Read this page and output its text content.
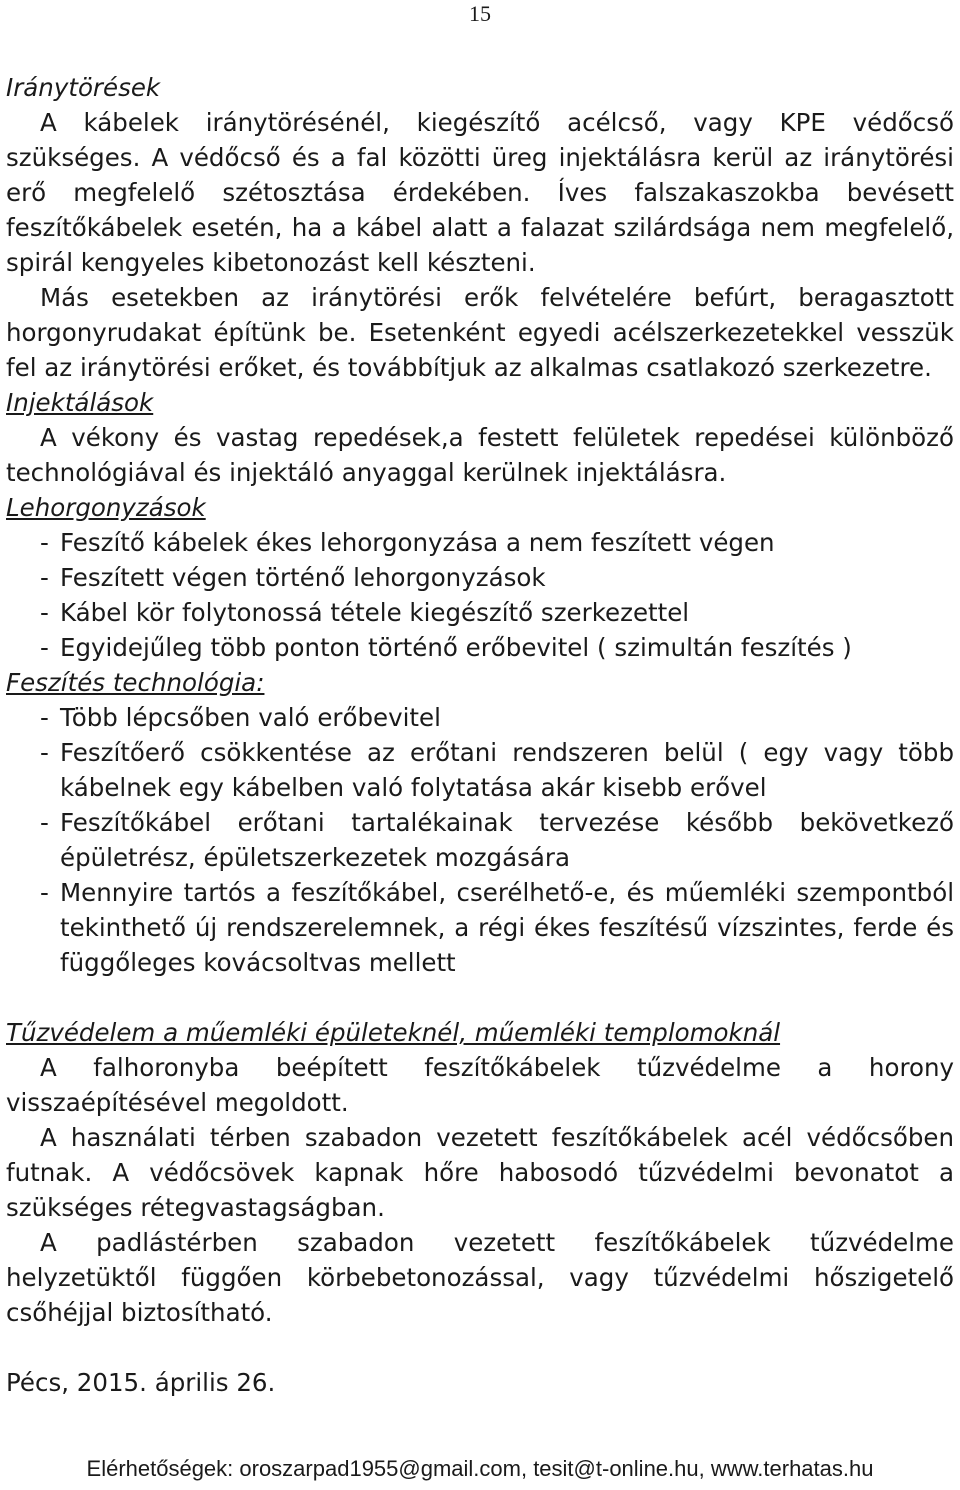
15

Iránytörések

A kábelek iránytörésénél, kiegészítő acélcső, vagy KPE védőcső szükséges. A védőcső és a fal közötti üreg injektálásra kerül az iránytörési erő megfelelő szétosztása érdekében. Íves falszakaszokba bevésett feszítőkábelek esetén, ha a kábel alatt a falazat szilárdsága nem megfelelő, spirál kengyeles kibetonozást kell készteni.

Más esetekben az iránytörési erők felvételére befúrt, beragasztott horgonyrudakat építünk be. Esetenként egyedi acélszerkezetekkel vesszük fel az iránytörési erőket, és továbbítjuk az alkalmas csatlakozó szerkezetre.

Injektálások

A vékony és vastag repedések,a festett felületek repedései különböző technológiával és injektáló anyaggal kerülnek injektálásra.

Lehorgonyzások

- Feszítő kábelek ékes lehorgonyzása a nem feszített végen
- Feszített végen történő lehorgonyzások
- Kábel kör folytonossá tétele kiegészítő szerkezettel
- Egyidejűleg több ponton történő erőbevitel ( szimultán feszítés )

Feszítés technológia:

- Több lépcsőben való erőbevitel
- Feszítőerő csökkentése az erőtani rendszeren belül ( egy vagy több kábelnek egy kábelben való folytatása akár kisebb erővel
- Feszítőkábel erőtani tartalékainak tervezése később bekövetkező épületrész, épületszerkezetek mozgására
- Mennyire tartós a feszítőkábel, cserélhető-e, és műemléki szempontból tekinthető új rendszerelemnek, a régi ékes feszítésű vízszintes, ferde és függőleges kovácsoltvas mellett

Tűzvédelem a műemléki épületeknél, műemléki templomoknál

A falhoronyba beépített feszítőkábelek tűzvédelme a horony visszaépítésével megoldott.

A használati térben szabadon vezetett feszítőkábelek acél védőcsőben futnak. A védőcsövek kapnak hőre habosodó tűzvédelmi bevonatot a szükséges rétegvastagságban.

A padlástérben szabadon vezetett feszítőkábelek tűzvédelme helyzetüktől függően körbebetonozással, vagy tűzvédelmi hőszigetelő csőhéjjal biztosítható.

Pécs, 2015. április 26.

Elérhetőségek: oroszarpad1955@gmail.com, tesit@t-online.hu, www.terhatas.hu
